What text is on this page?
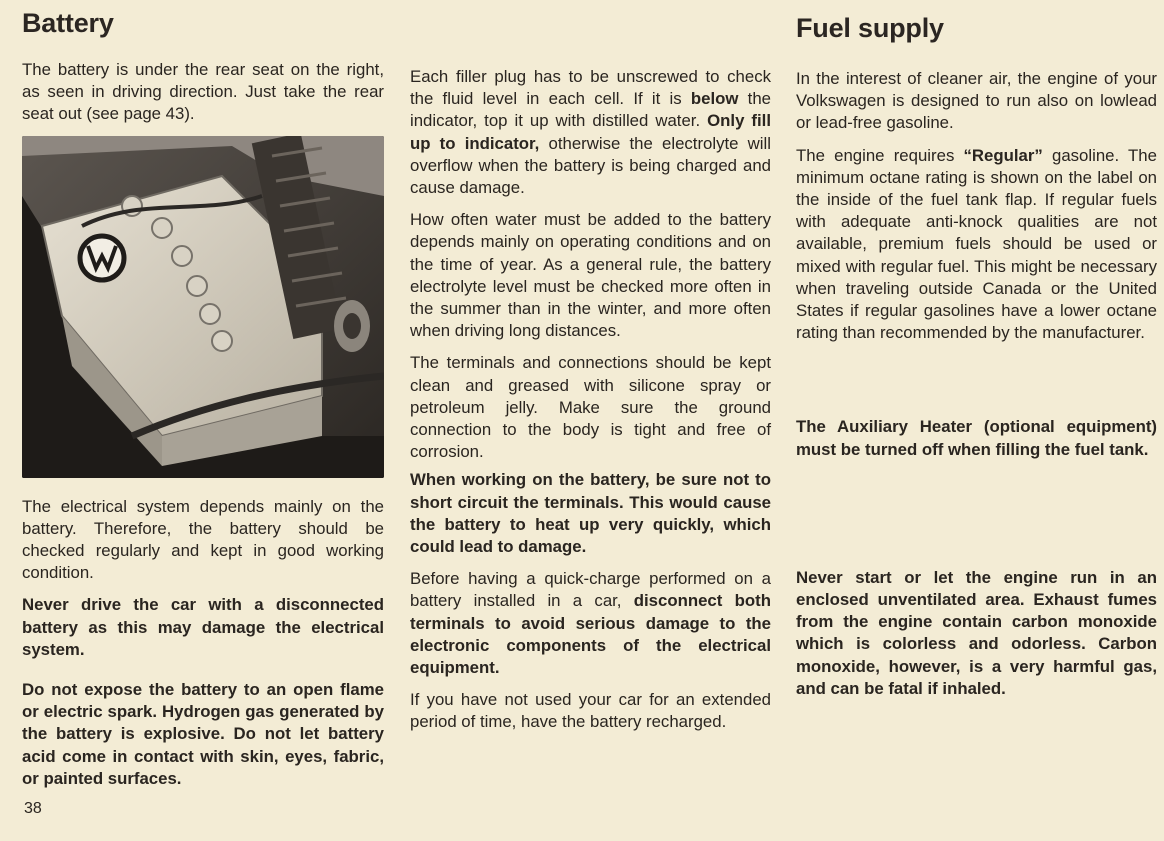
Battery

The battery is under the rear seat on the right, as seen in driving direction. Just take the rear seat out (see page 43).

The electrical system depends mainly on the battery. Therefore, the battery should be checked regularly and kept in good working condition.

Never drive the car with a disconnected battery as this may damage the electrical system.

Do not expose the battery to an open flame or electric spark. Hydrogen gas generated by the battery is explosive. Do not let battery acid come in contact with skin, eyes, fabric, or painted surfaces.

Each filler plug has to be unscrewed to check the fluid level in each cell. If it is below the indicator, top it up with distilled water. Only fill up to indicator, otherwise the electrolyte will overflow when the battery is being charged and cause damage.

How often water must be added to the battery depends mainly on operating conditions and on the time of year. As a general rule, the battery electrolyte level must be checked more often in the summer than in the winter, and more often when driving long distances.

The terminals and connections should be kept clean and greased with silicone spray or petroleum jelly. Make sure the ground connection to the body is tight and free of corrosion.

When working on the battery, be sure not to short circuit the terminals. This would cause the battery to heat up very quickly, which could lead to damage.

Before having a quick-charge performed on a battery installed in a car, disconnect both terminals to avoid serious damage to the electronic components of the electrical equipment.

If you have not used your car for an extended period of time, have the battery recharged.

Fuel supply

In the interest of cleaner air, the engine of your Volkswagen is designed to run also on lowlead or lead-free gasoline.

The engine requires “Regular” gasoline. The minimum octane rating is shown on the label on the inside of the fuel tank flap. If regular fuels with adequate anti-knock qualities are not available, premium fuels should be used or mixed with regular fuel. This might be necessary when traveling outside Canada or the United States if regular gasolines have a lower octane rating than recommended by the manufacturer.

The Auxiliary Heater (optional equipment) must be turned off when filling the fuel tank.

Never start or let the engine run in an enclosed unventilated area. Exhaust fumes from the engine contain carbon monoxide which is colorless and odorless. Carbon monoxide, however, is a very harmful gas, and can be fatal if inhaled.

38
